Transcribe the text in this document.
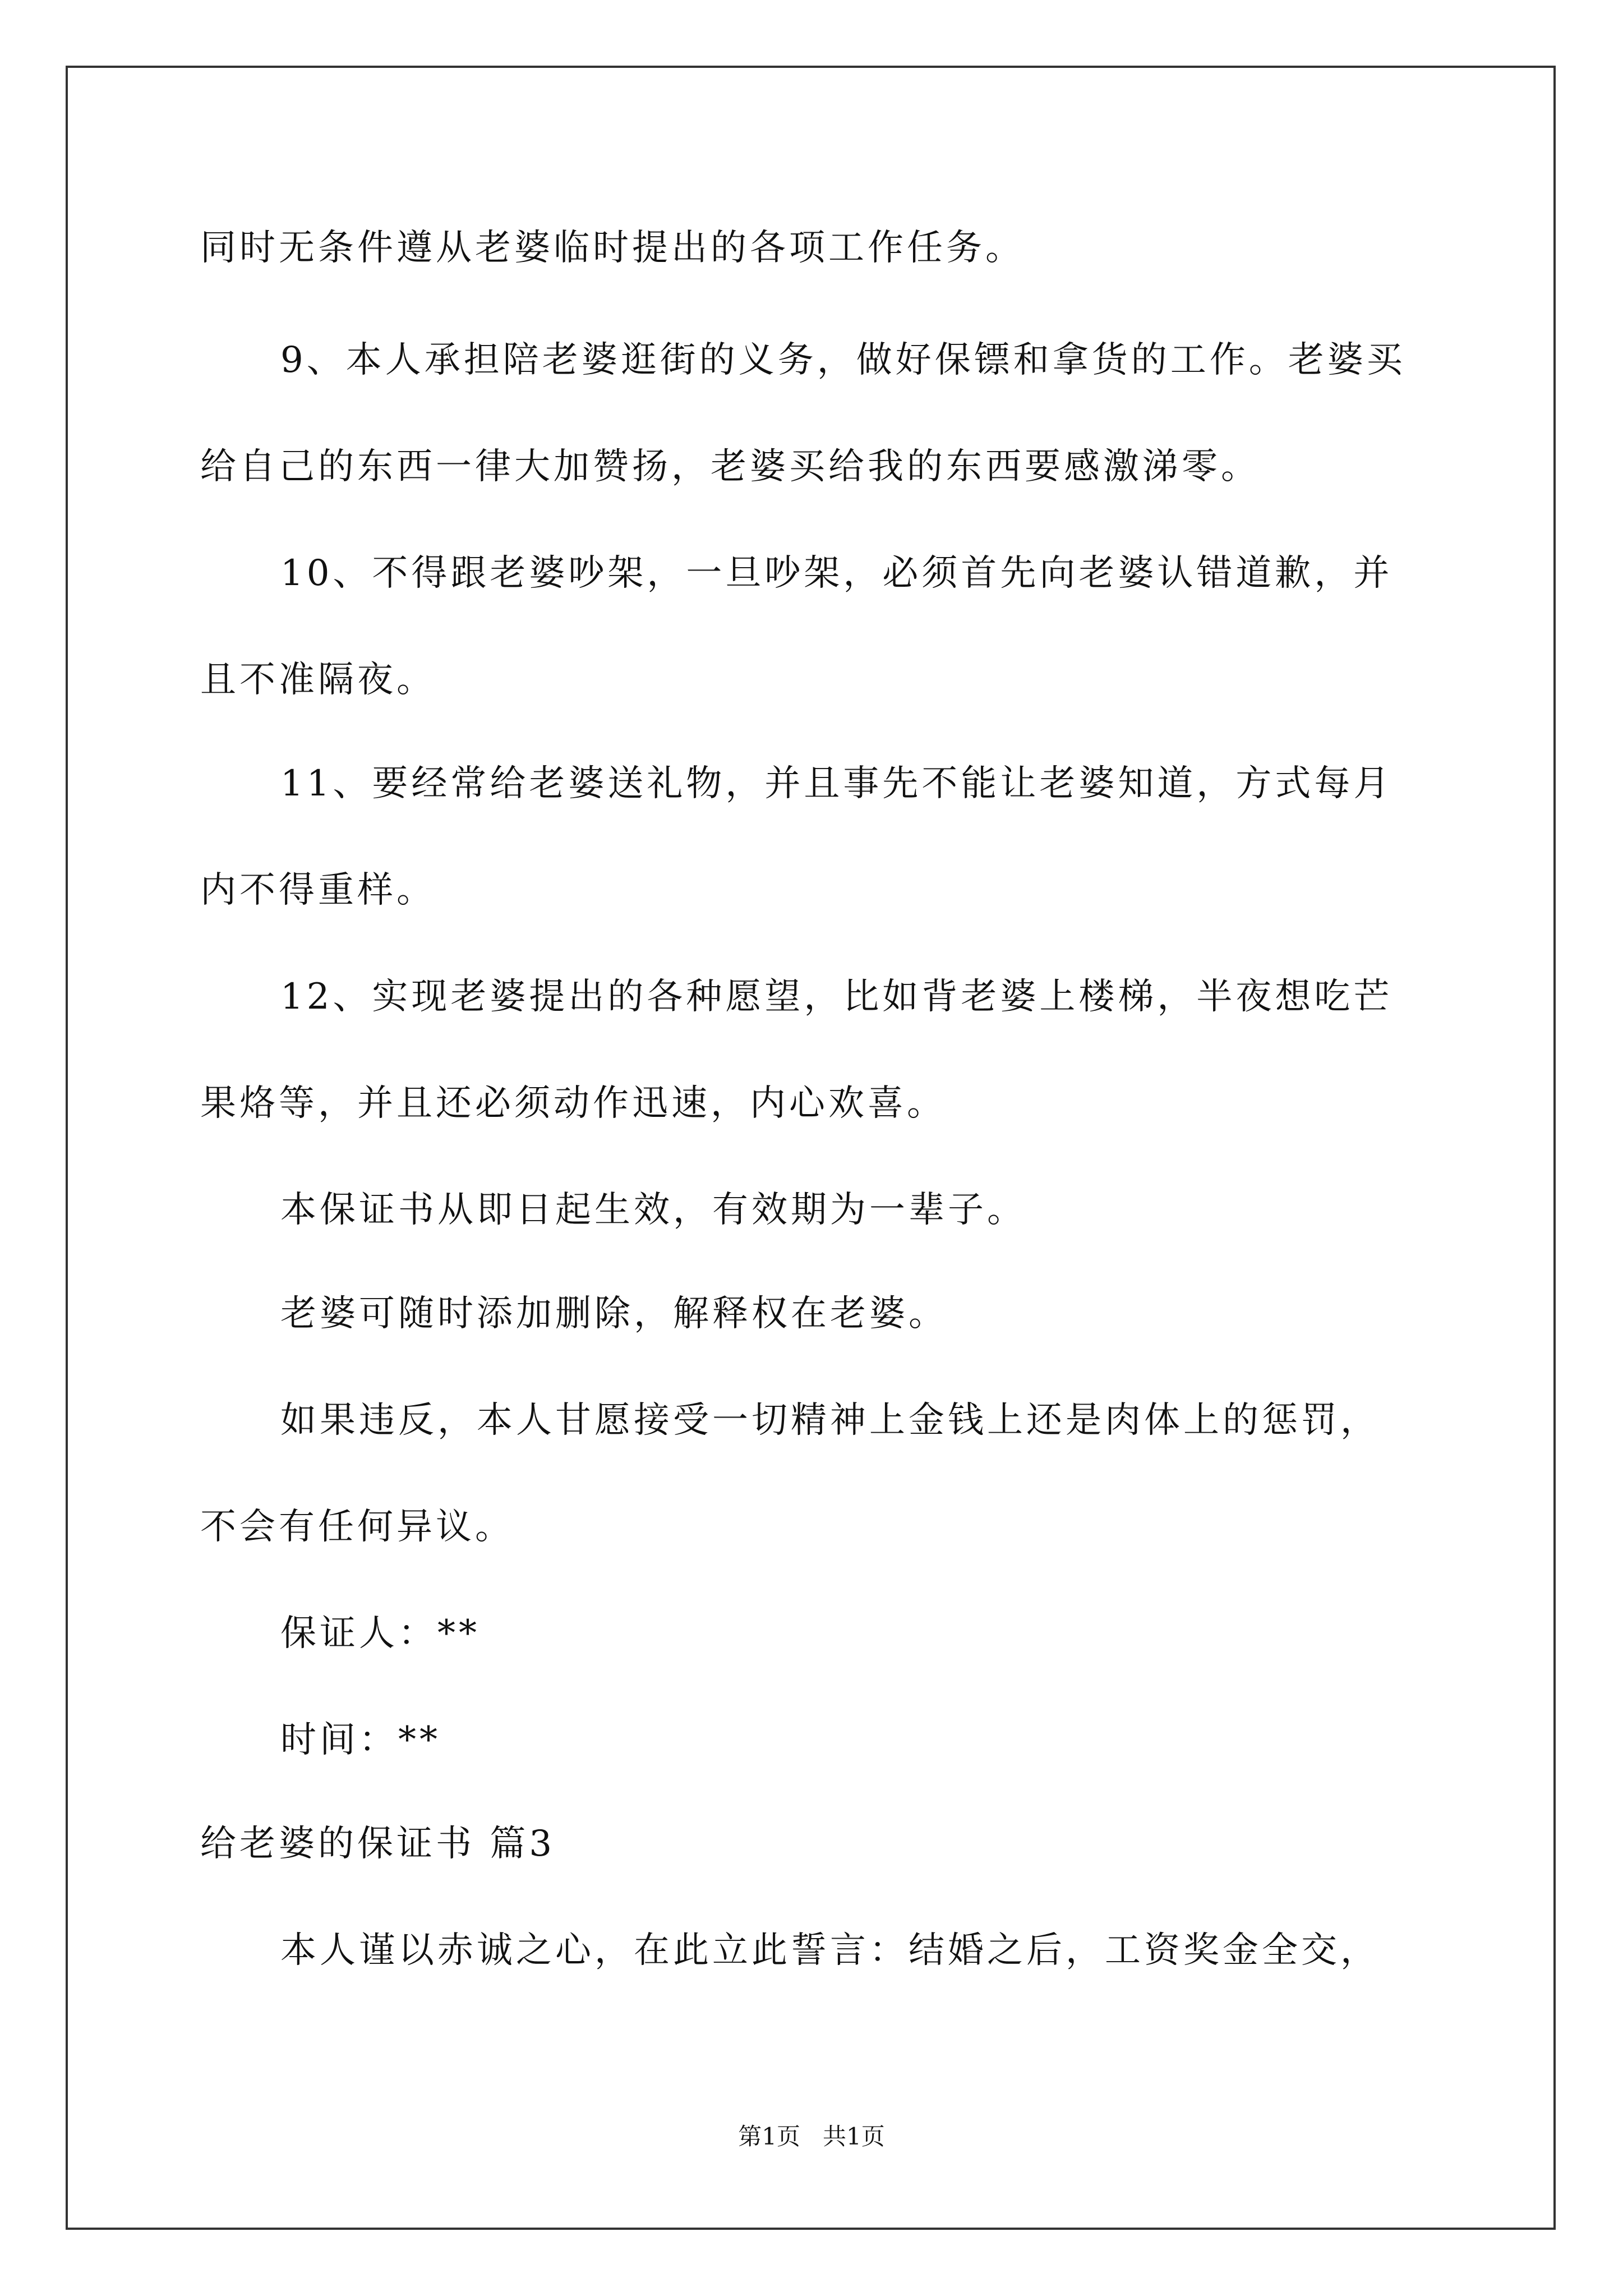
同时无条件遵从老婆临时提出的各项工作任务。
9、本人承担陪老婆逛街的义务，做好保镖和拿货的工作。老婆买
给自己的东西一律大加赞扬，老婆买给我的东西要感激涕零。
10、不得跟老婆吵架，一旦吵架，必须首先向老婆认错道歉，并
且不准隔夜。
11、要经常给老婆送礼物，并且事先不能让老婆知道，方式每月
内不得重样。
12、实现老婆提出的各种愿望，比如背老婆上楼梯，半夜想吃芒
果烙等，并且还必须动作迅速，内心欢喜。
本保证书从即日起生效，有效期为一辈子。
老婆可随时添加删除，解释权在老婆。
如果违反，本人甘愿接受一切精神上金钱上还是肉体上的惩罚，
不会有任何异议。
保证人：**
时间：**
给老婆的保证书 篇3
本人谨以赤诚之心，在此立此誓言：结婚之后，工资奖金全交，
第1页   共1页
